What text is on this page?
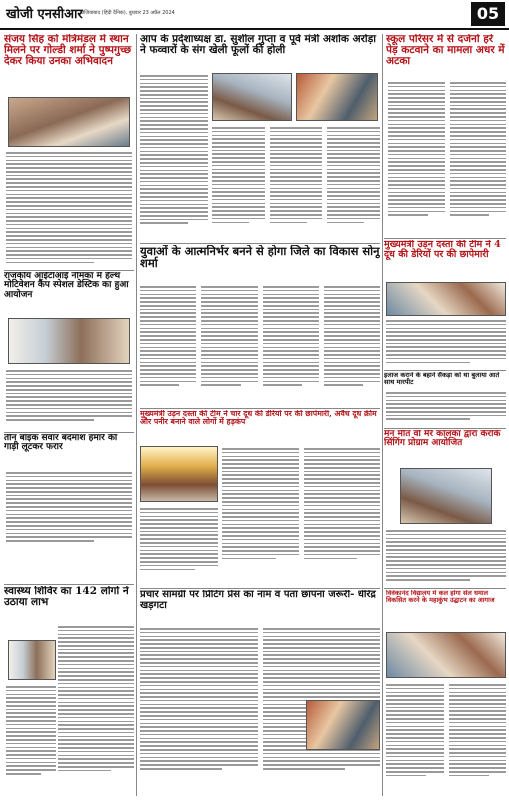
खोजी एनसीआर
गाज़ियाबाद (हिंदी दैनिक), बुधवार 23 अप्रैल 2024	05
संजय सिंह को मंत्रिमंडल में स्थान मिलने पर गोल्डी शर्मा ने पुष्पगुच्छ देकर किया उनका अभिवादन
आप के प्रदेशाध्यक्ष डा. सुशील गुप्ता व पूर्व मंत्री अशोक अरोड़ा ने फव्वारों के संग खेली फूलों की होली
स्कूल परिसर में से दर्जनों हरे पेड़ कटवाने का मामला अधर में अटका
राजकीय आईटीआई नीमका में हैल्थ मोटिवेशन कैंप स्पेशल डेस्टिक का हुआ आयोजन
युवाओं के आत्मनिर्भर बनने से होगा जिले का विकास सोनू शर्मा
मुख्यमंत्री उड़न दस्ता की टीम ने 4 दूध की डेरियों पर की छापेमारी
इलाज कराने के बहाने सैकड़ा को था बुलाया आते साथ मारपीट
मुख्यमंत्री उड़न दस्ता की टीम ने चार दूध की डेरियों पर की छापेमारी, अवैध दूध क्रीम और पनीर बनाने वाले लोगों में हड़कंप
मन मीत वो मेरे कालका द्वारा केरोके सिंगिंग प्रोग्राम आयोजित
तीन बाइक सवार बदमाश हमारे की गाड़ी लूटकर फरार
स्वास्थ्य शिविर का 142 लोगों ने उठाया लाभ
प्रचार सामग्री पर प्रिंटिंग प्रेस का नाम व पता छापना जरूरी- धीरेंद्र खड़गटा
विवेकानंद विद्यालय में कल होगा सेल धमाल विकसित करने के महाकुंभ उद्घाटन का आगाज
